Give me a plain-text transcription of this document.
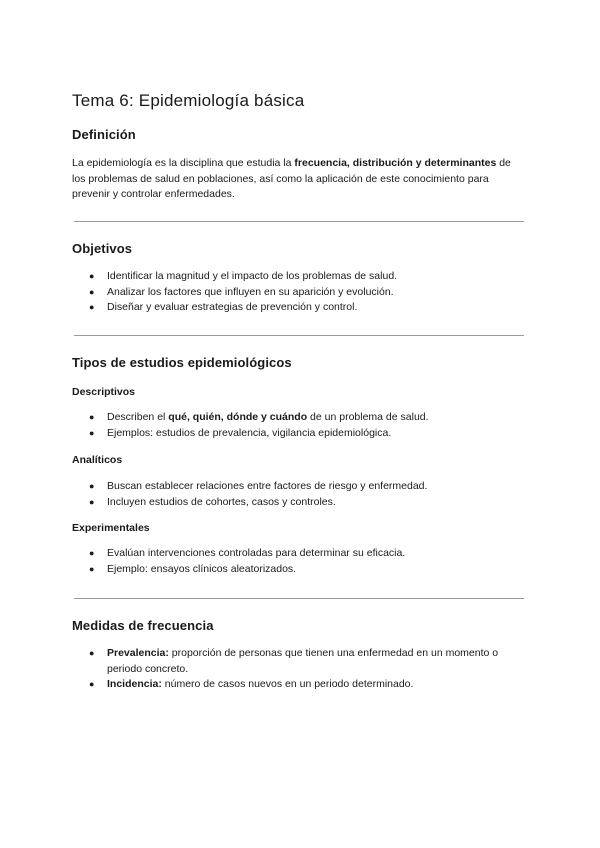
Tema 6: Epidemiología básica
Definición

La epidemiología es la disciplina que estudia la frecuencia, distribución y determinantes de los problemas de salud en poblaciones, así como la aplicación de este conocimiento para prevenir y controlar enfermedades.

Objetivos
● Identificar la magnitud y el impacto de los problemas de salud.
● Analizar los factores que influyen en su aparición y evolución.
● Diseñar y evaluar estrategias de prevención y control.
Tipos de estudios epidemiológicos
Descriptivos
● Describen el qué, quién, dónde y cuándo de un problema de salud.
● Ejemplos: estudios de prevalencia, vigilancia epidemiológica.
Analíticos
● Buscan establecer relaciones entre factores de riesgo y enfermedad.
● Incluyen estudios de cohortes, casos y controles.
Experimentales
● Evalúan intervenciones controladas para determinar su eficacia.
● Ejemplo: ensayos clínicos aleatorizados.
Medidas de frecuencia
● Prevalencia: proporción de personas que tienen una enfermedad en un momento o periodo concreto.
● Incidencia: número de casos nuevos en un periodo determinado.
